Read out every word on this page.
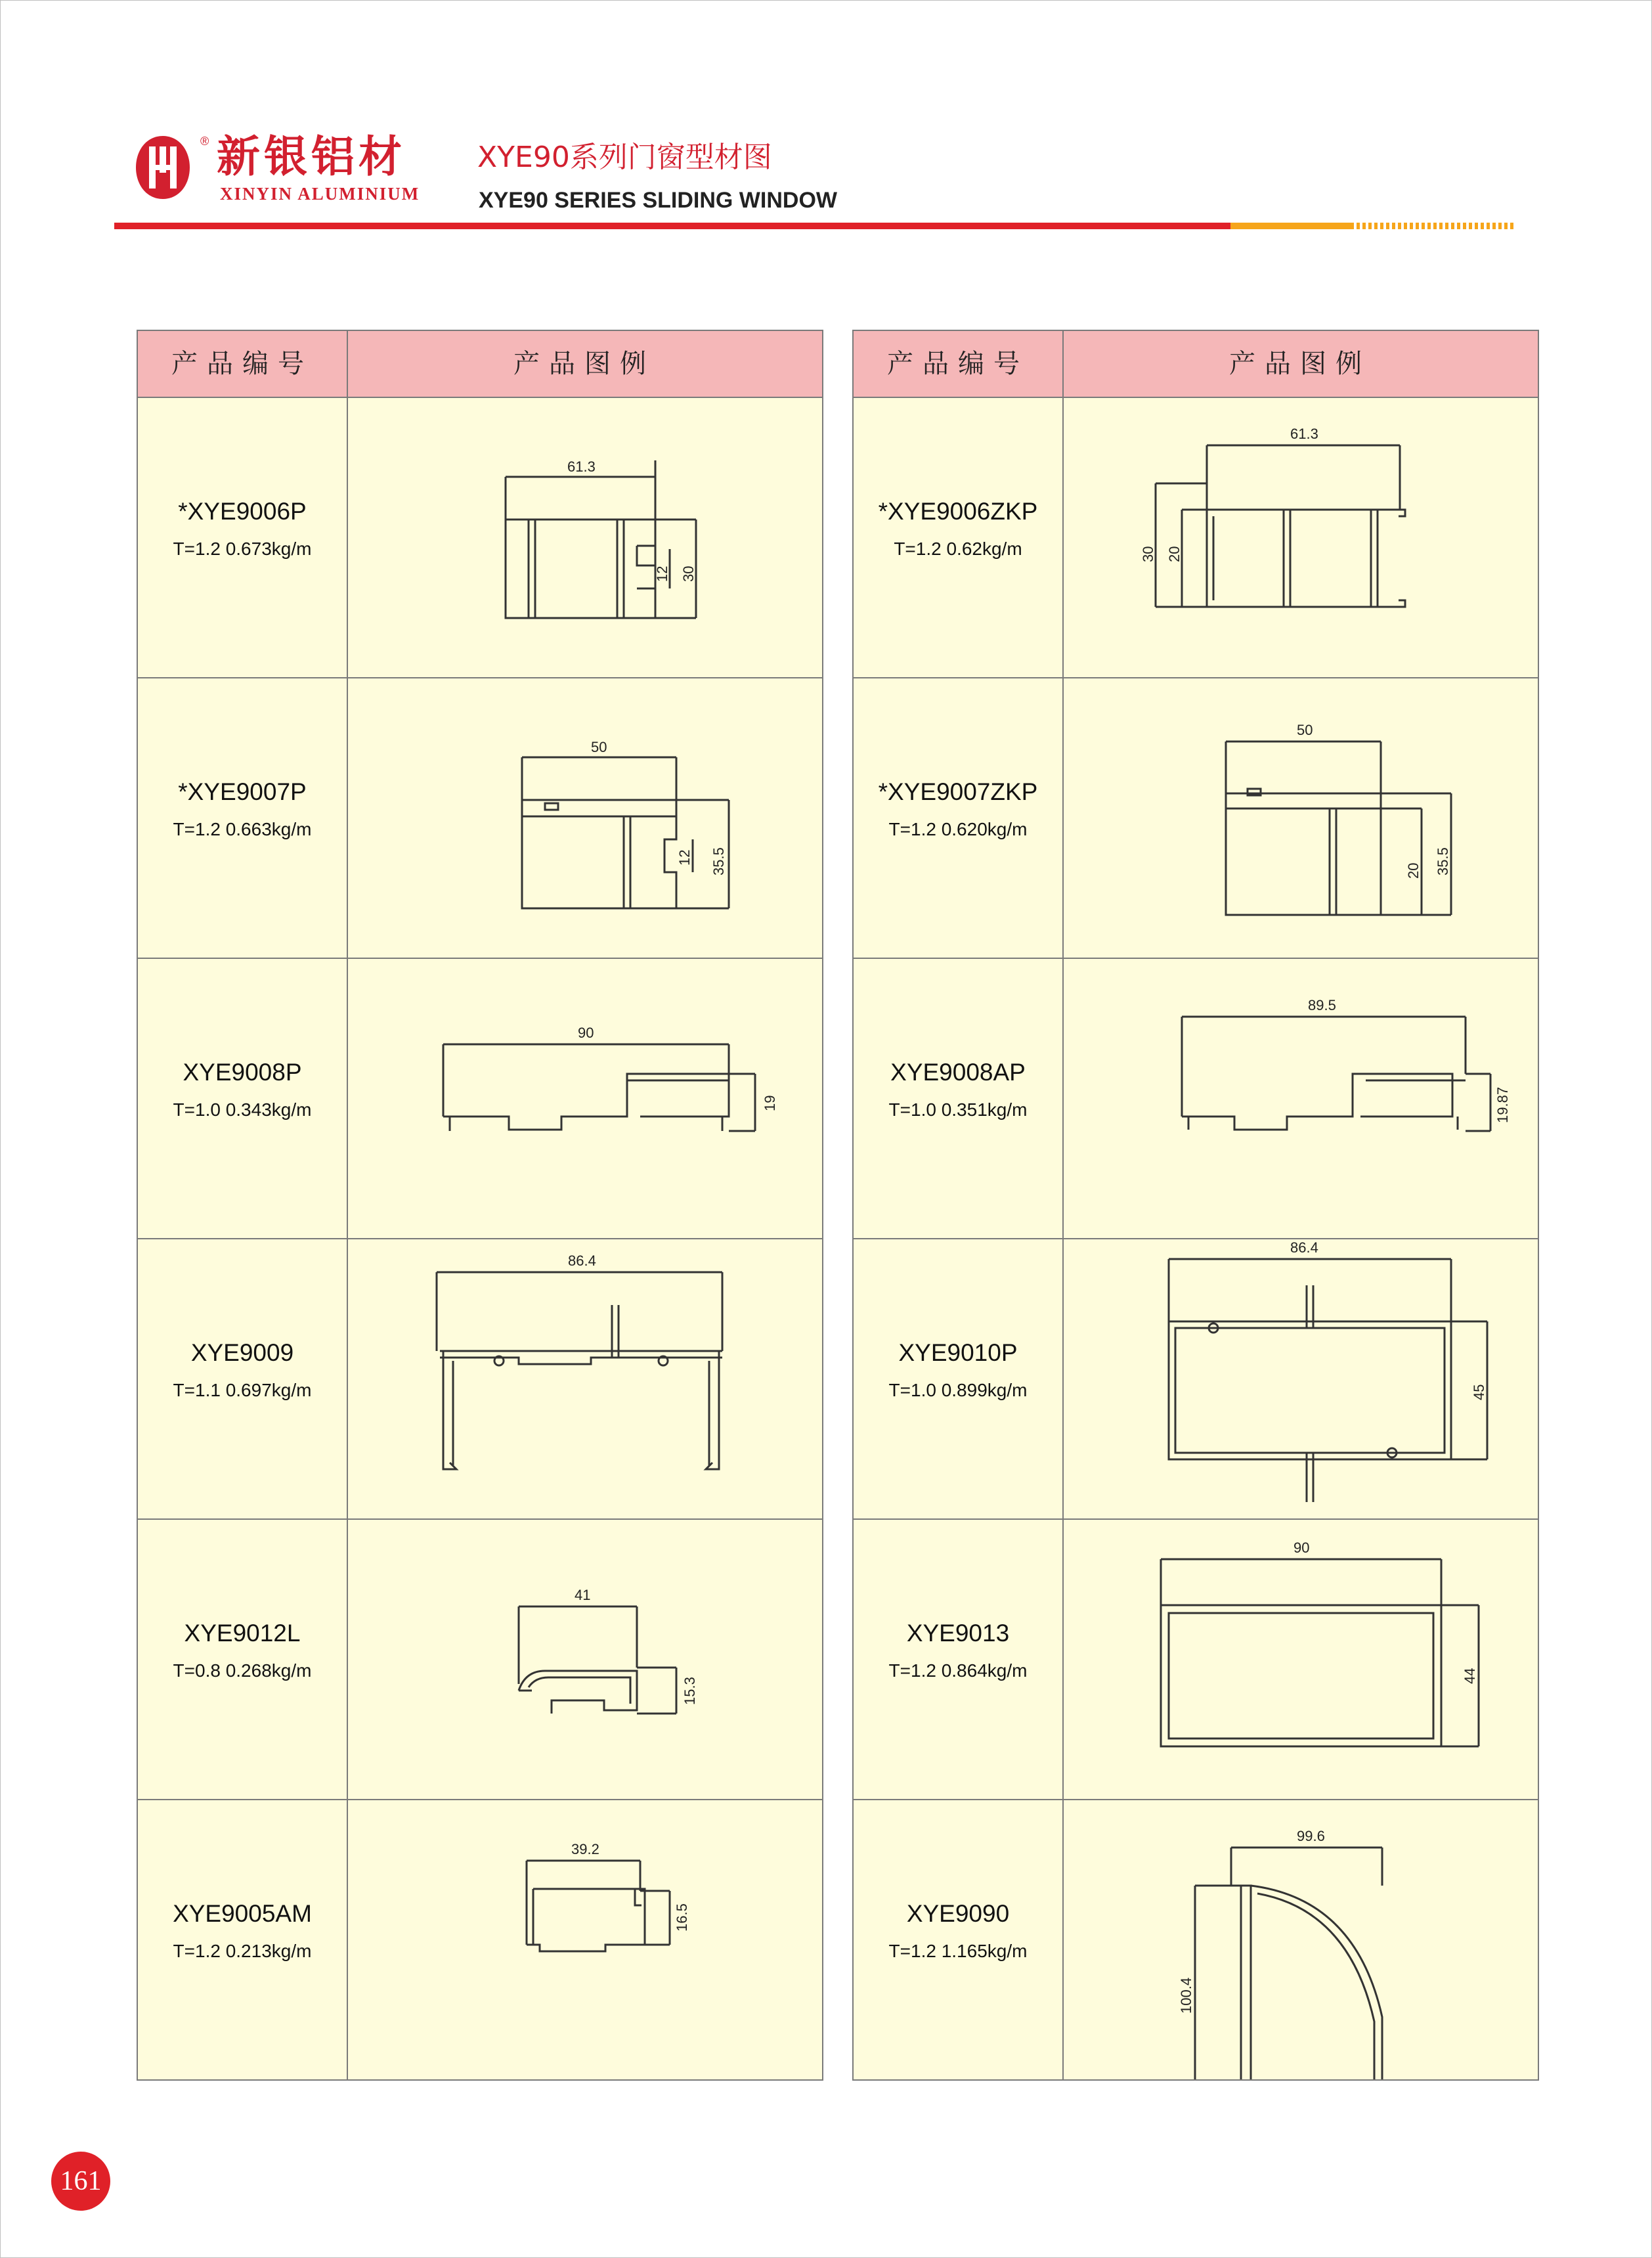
® 新银铝材
XINYIN ALUMINIUM
XYE90系列门窗型材图
XYE90 SERIES SLIDING WINDOW
产品编号	产品图例
*XYE9006P
T=1.2 0.673kg/m
61.3
12 30
*XYE9007P
T=1.2 0.663kg/m
50
12 35.5
XYE9008P
T=1.0 0.343kg/m
90
19
XYE9009
T=1.1 0.697kg/m
86.4
XYE9012L
T=0.8 0.268kg/m
41
15.3
XYE9005AM
T=1.2 0.213kg/m
39.2
16.5
产品编号	产品图例
*XYE9006ZKP
T=1.2 0.62kg/m
61.3
30 20
*XYE9007ZKP
T=1.2 0.620kg/m
50
20 35.5
XYE9008AP
T=1.0 0.351kg/m
89.5
19.87
XYE9010P
T=1.0 0.899kg/m
86.4
45
XYE9013
T=1.2 0.864kg/m
90
44
XYE9090
T=1.2 1.165kg/m
99.6
100.4
161
